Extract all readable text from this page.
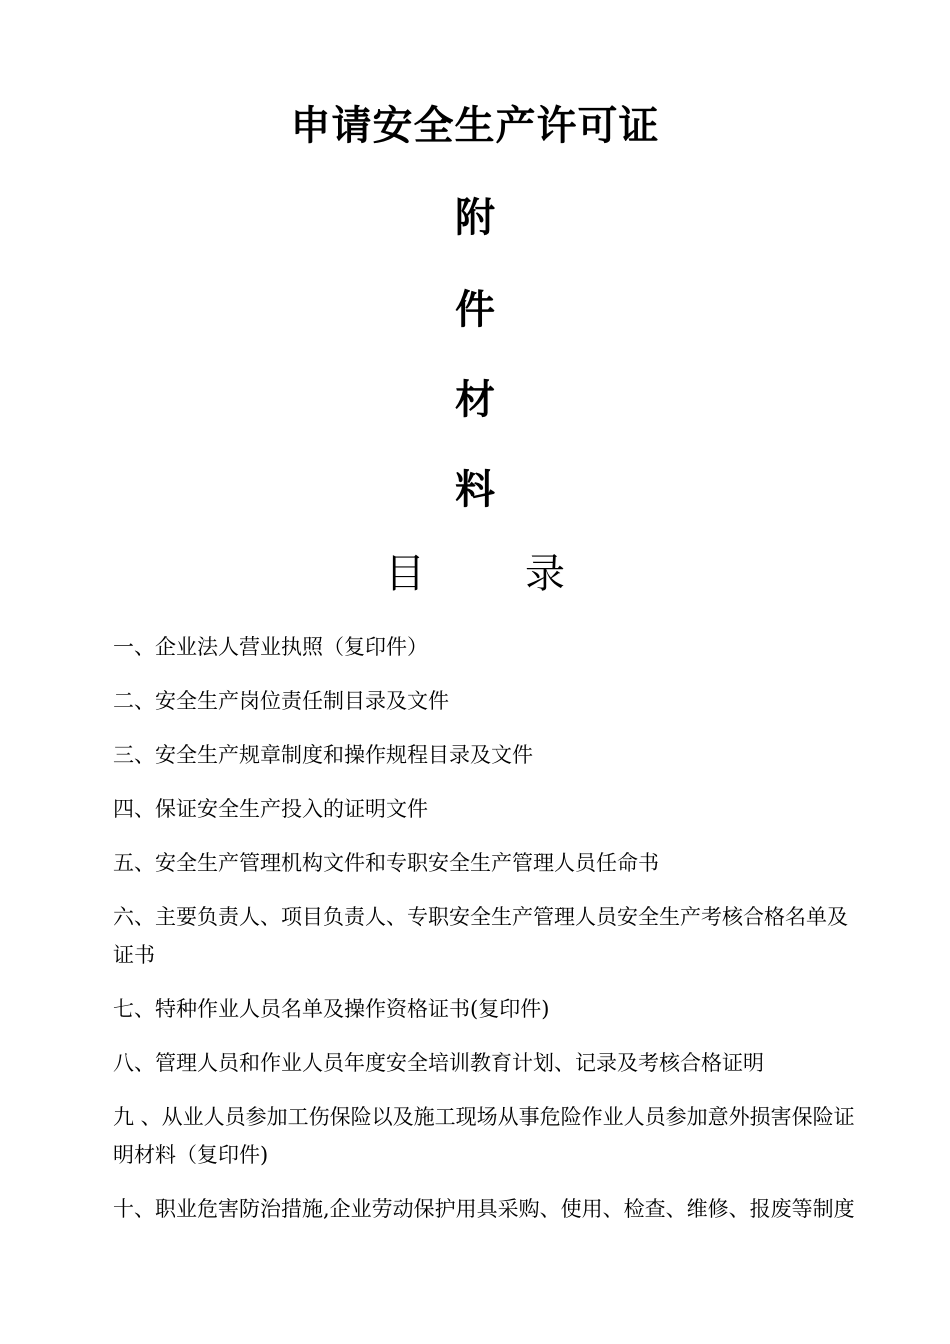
申请安全生产许可证
附
件
材
料
目	录
一、企业法人营业执照（复印件）
二、安全生产岗位责任制目录及文件
三、安全生产规章制度和操作规程目录及文件
四、保证安全生产投入的证明文件
五、安全生产管理机构文件和专职安全生产管理人员任命书
六、主要负责人、项目负责人、专职安全生产管理人员安全生产考核合格名单及证书
七、特种作业人员名单及操作资格证书(复印件)
八、管理人员和作业人员年度安全培训教育计划、记录及考核合格证明
九 、从业人员参加工伤保险以及施工现场从事危险作业人员参加意外损害保险证明材料（复印件)
十、职业危害防治措施,企业劳动保护用具采购、使用、检查、维修、报废等制度
